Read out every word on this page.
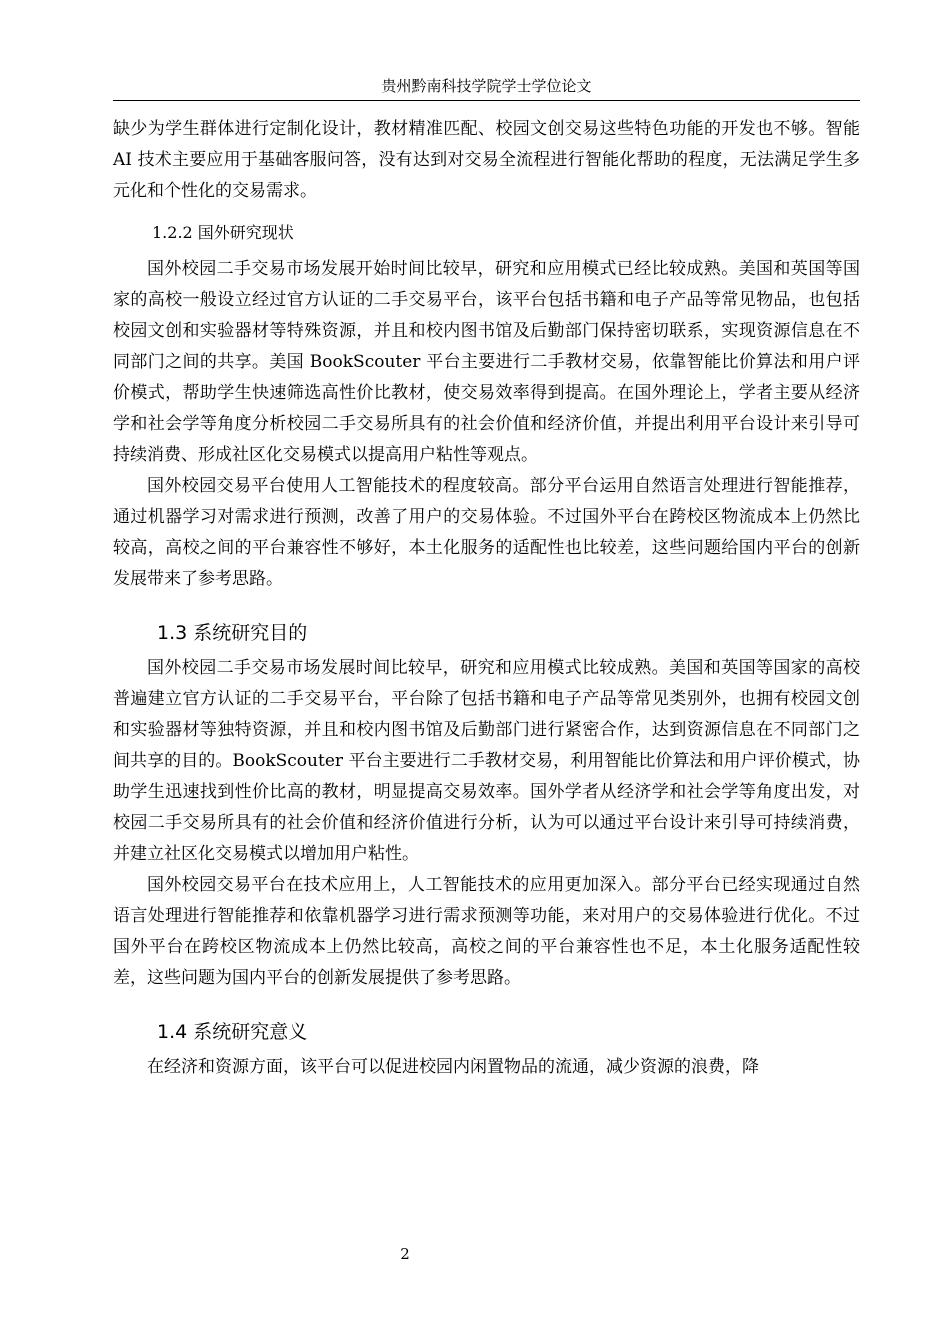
贵州黔南科技学院学士学位论文

缺少为学生群体进行定制化设计，教材精准匹配、校园文创交易这些特色功能的开发也不够。智能 AI 技术主要应用于基础客服问答，没有达到对交易全流程进行智能化帮助的程度，无法满足学生多元化和个性化的交易需求。

1.2.2 国外研究现状

国外校园二手交易市场发展开始时间比较早，研究和应用模式已经比较成熟。美国和英国等国家的高校一般设立经过官方认证的二手交易平台，该平台包括书籍和电子产品等常见物品，也包括校园文创和实验器材等特殊资源，并且和校内图书馆及后勤部门保持密切联系，实现资源信息在不同部门之间的共享。美国 BookScouter 平台主要进行二手教材交易，依靠智能比价算法和用户评价模式，帮助学生快速筛选高性价比教材，使交易效率得到提高。在国外理论上，学者主要从经济学和社会学等角度分析校园二手交易所具有的社会价值和经济价值，并提出利用平台设计来引导可持续消费、形成社区化交易模式以提高用户粘性等观点。

国外校园交易平台使用人工智能技术的程度较高。部分平台运用自然语言处理进行智能推荐，通过机器学习对需求进行预测，改善了用户的交易体验。不过国外平台在跨校区物流成本上仍然比较高，高校之间的平台兼容性不够好，本土化服务的适配性也比较差，这些问题给国内平台的创新发展带来了参考思路。

1.3 系统研究目的

国外校园二手交易市场发展时间比较早，研究和应用模式比较成熟。美国和英国等国家的高校普遍建立官方认证的二手交易平台，平台除了包括书籍和电子产品等常见类别外，也拥有校园文创和实验器材等独特资源，并且和校内图书馆及后勤部门进行紧密合作，达到资源信息在不同部门之间共享的目的。BookScouter 平台主要进行二手教材交易，利用智能比价算法和用户评价模式，协助学生迅速找到性价比高的教材，明显提高交易效率。国外学者从经济学和社会学等角度出发，对校园二手交易所具有的社会价值和经济价值进行分析，认为可以通过平台设计来引导可持续消费，并建立社区化交易模式以增加用户粘性。

国外校园交易平台在技术应用上，人工智能技术的应用更加深入。部分平台已经实现通过自然语言处理进行智能推荐和依靠机器学习进行需求预测等功能，来对用户的交易体验进行优化。不过国外平台在跨校区物流成本上仍然比较高，高校之间的平台兼容性也不足，本土化服务适配性较差，这些问题为国内平台的创新发展提供了参考思路。

1.4 系统研究意义

在经济和资源方面，该平台可以促进校园内闲置物品的流通，减少资源的浪费，降

2
